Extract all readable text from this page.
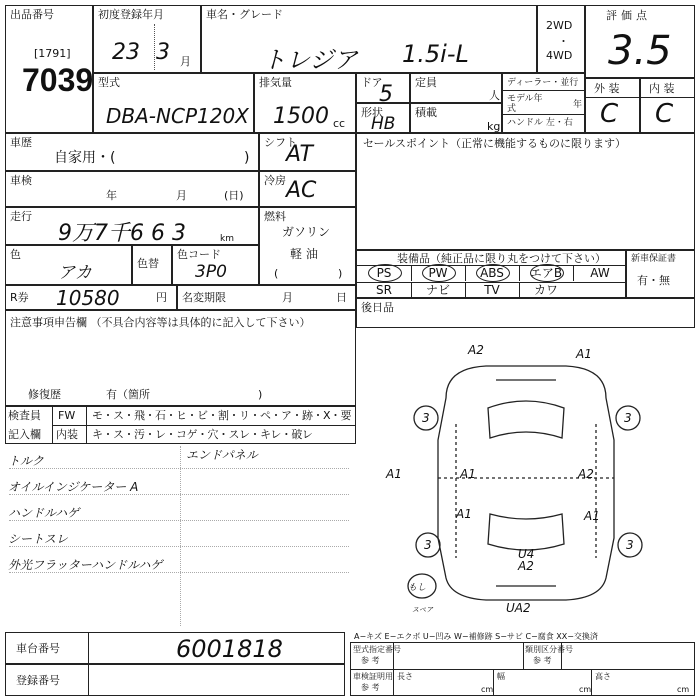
出品番号
[1791]
7039
初度登録年月
23 3 月
車名・グレード
トレジア 1.5i-L
2WD
・
4WD
評価点
3.5
型式
DBA-NCP120X
排気量
1500 cc
ドア
5 定員
人
形状
HB
積載
kg
ディーラー・並行
モデル年式	年
ハンドル 左・右
外 装
C
内 装
C
車歴
自家用・(	)
車検
年	月	(日)
走行
9万7千6 6 3	km
色
アカ	色替
色コード
3P0
シフト
AT
冷房 AC
燃料
ガソリン
軽 油
(	)
R券 10580	円 名変期限	月	日
セールスポイント（正常に機能するものに限ります）
装備品（純正品に限り丸をつけて下さい）
PS	PW	ABS	エアB	AW
SR	ナビ	TV	カワ
新車保証書
有・無
後日品
注意事項申告欄 （不具合内容等は具体的に記入して下さい）
修復歴	有（箇所	)
検査員
記入欄
FW モ・ス・飛・石・ヒ・ビ・割・リ・ペ・ア・跡・X・要
内装 キ・ス・汚・レ・コゲ・穴・スレ・キレ・破レ
トルク
オイルインジケーター A
ハンドルハゲ
シートスレ
外光フラッターハンドルハゲ
エンドパネル
3	3
3	3
A2	A1
A1	A1	A2
A1	A1
U4
A2
UA2
もし
スペア
車台番号	6001818
登録番号
A−キズ E−エクボ U−凹み W−補修跡 S−サビ C−腐食 XX−交換済
型式指定番号
参 考
類別区分番号
参 考
車検証明用
参 考
長さ
cm
幅
cm
高さ
cm
